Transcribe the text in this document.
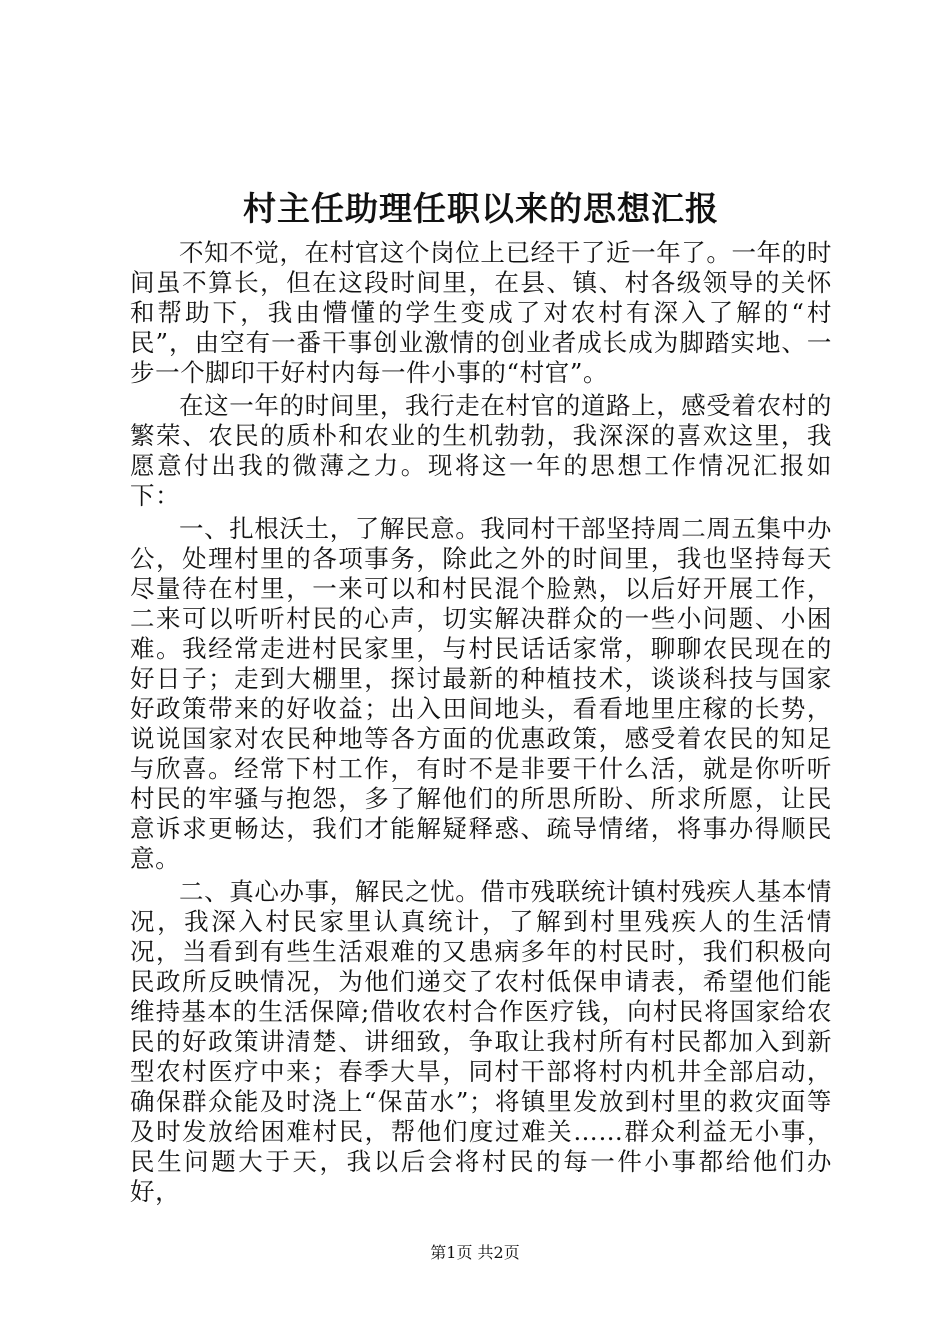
村主任助理任职以来的思想汇报

不知不觉，在村官这个岗位上已经干了近一年了。一年的时间虽不算长，但在这段时间里，在县、镇、村各级领导的关怀和帮助下，我由懵懂的学生变成了对农村有深入了解的“村民”，由空有一番干事创业激情的创业者成长成为脚踏实地、一步一个脚印干好村内每一件小事的“村官”。

在这一年的时间里，我行走在村官的道路上，感受着农村的繁荣、农民的质朴和农业的生机勃勃，我深深的喜欢这里，我愿意付出我的微薄之力。现将这一年的思想工作情况汇报如下：

一、扎根沃土，了解民意。我同村干部坚持周二周五集中办公，处理村里的各项事务，除此之外的时间里，我也坚持每天尽量待在村里，一来可以和村民混个脸熟，以后好开展工作，二来可以听听村民的心声，切实解决群众的一些小问题、小困难。我经常走进村民家里，与村民话话家常，聊聊农民现在的好日子；走到大棚里，探讨最新的种植技术，谈谈科技与国家好政策带来的好收益；出入田间地头，看看地里庄稼的长势，说说国家对农民种地等各方面的优惠政策，感受着农民的知足与欣喜。经常下村工作，有时不是非要干什么活，就是你听听村民的牢骚与抱怨，多了解他们的所思所盼、所求所愿，让民意诉求更畅达，我们才能解疑释惑、疏导情绪，将事办得顺民意。

二、真心办事，解民之忧。借市残联统计镇村残疾人基本情况，我深入村民家里认真统计，了解到村里残疾人的生活情况，当看到有些生活艰难的又患病多年的村民时，我们积极向民政所反映情况，为他们递交了农村低保申请表，希望他们能维持基本的生活保障;借收农村合作医疗钱，向村民将国家给农民的好政策讲清楚、讲细致，争取让我村所有村民都加入到新型农村医疗中来；春季大旱，同村干部将村内机井全部启动，确保群众能及时浇上“保苗水”；将镇里发放到村里的救灾面等及时发放给困难村民，帮他们度过难关……群众利益无小事，民生问题大于天，我以后会将村民的每一件小事都给他们办好，

第1页 共2页
